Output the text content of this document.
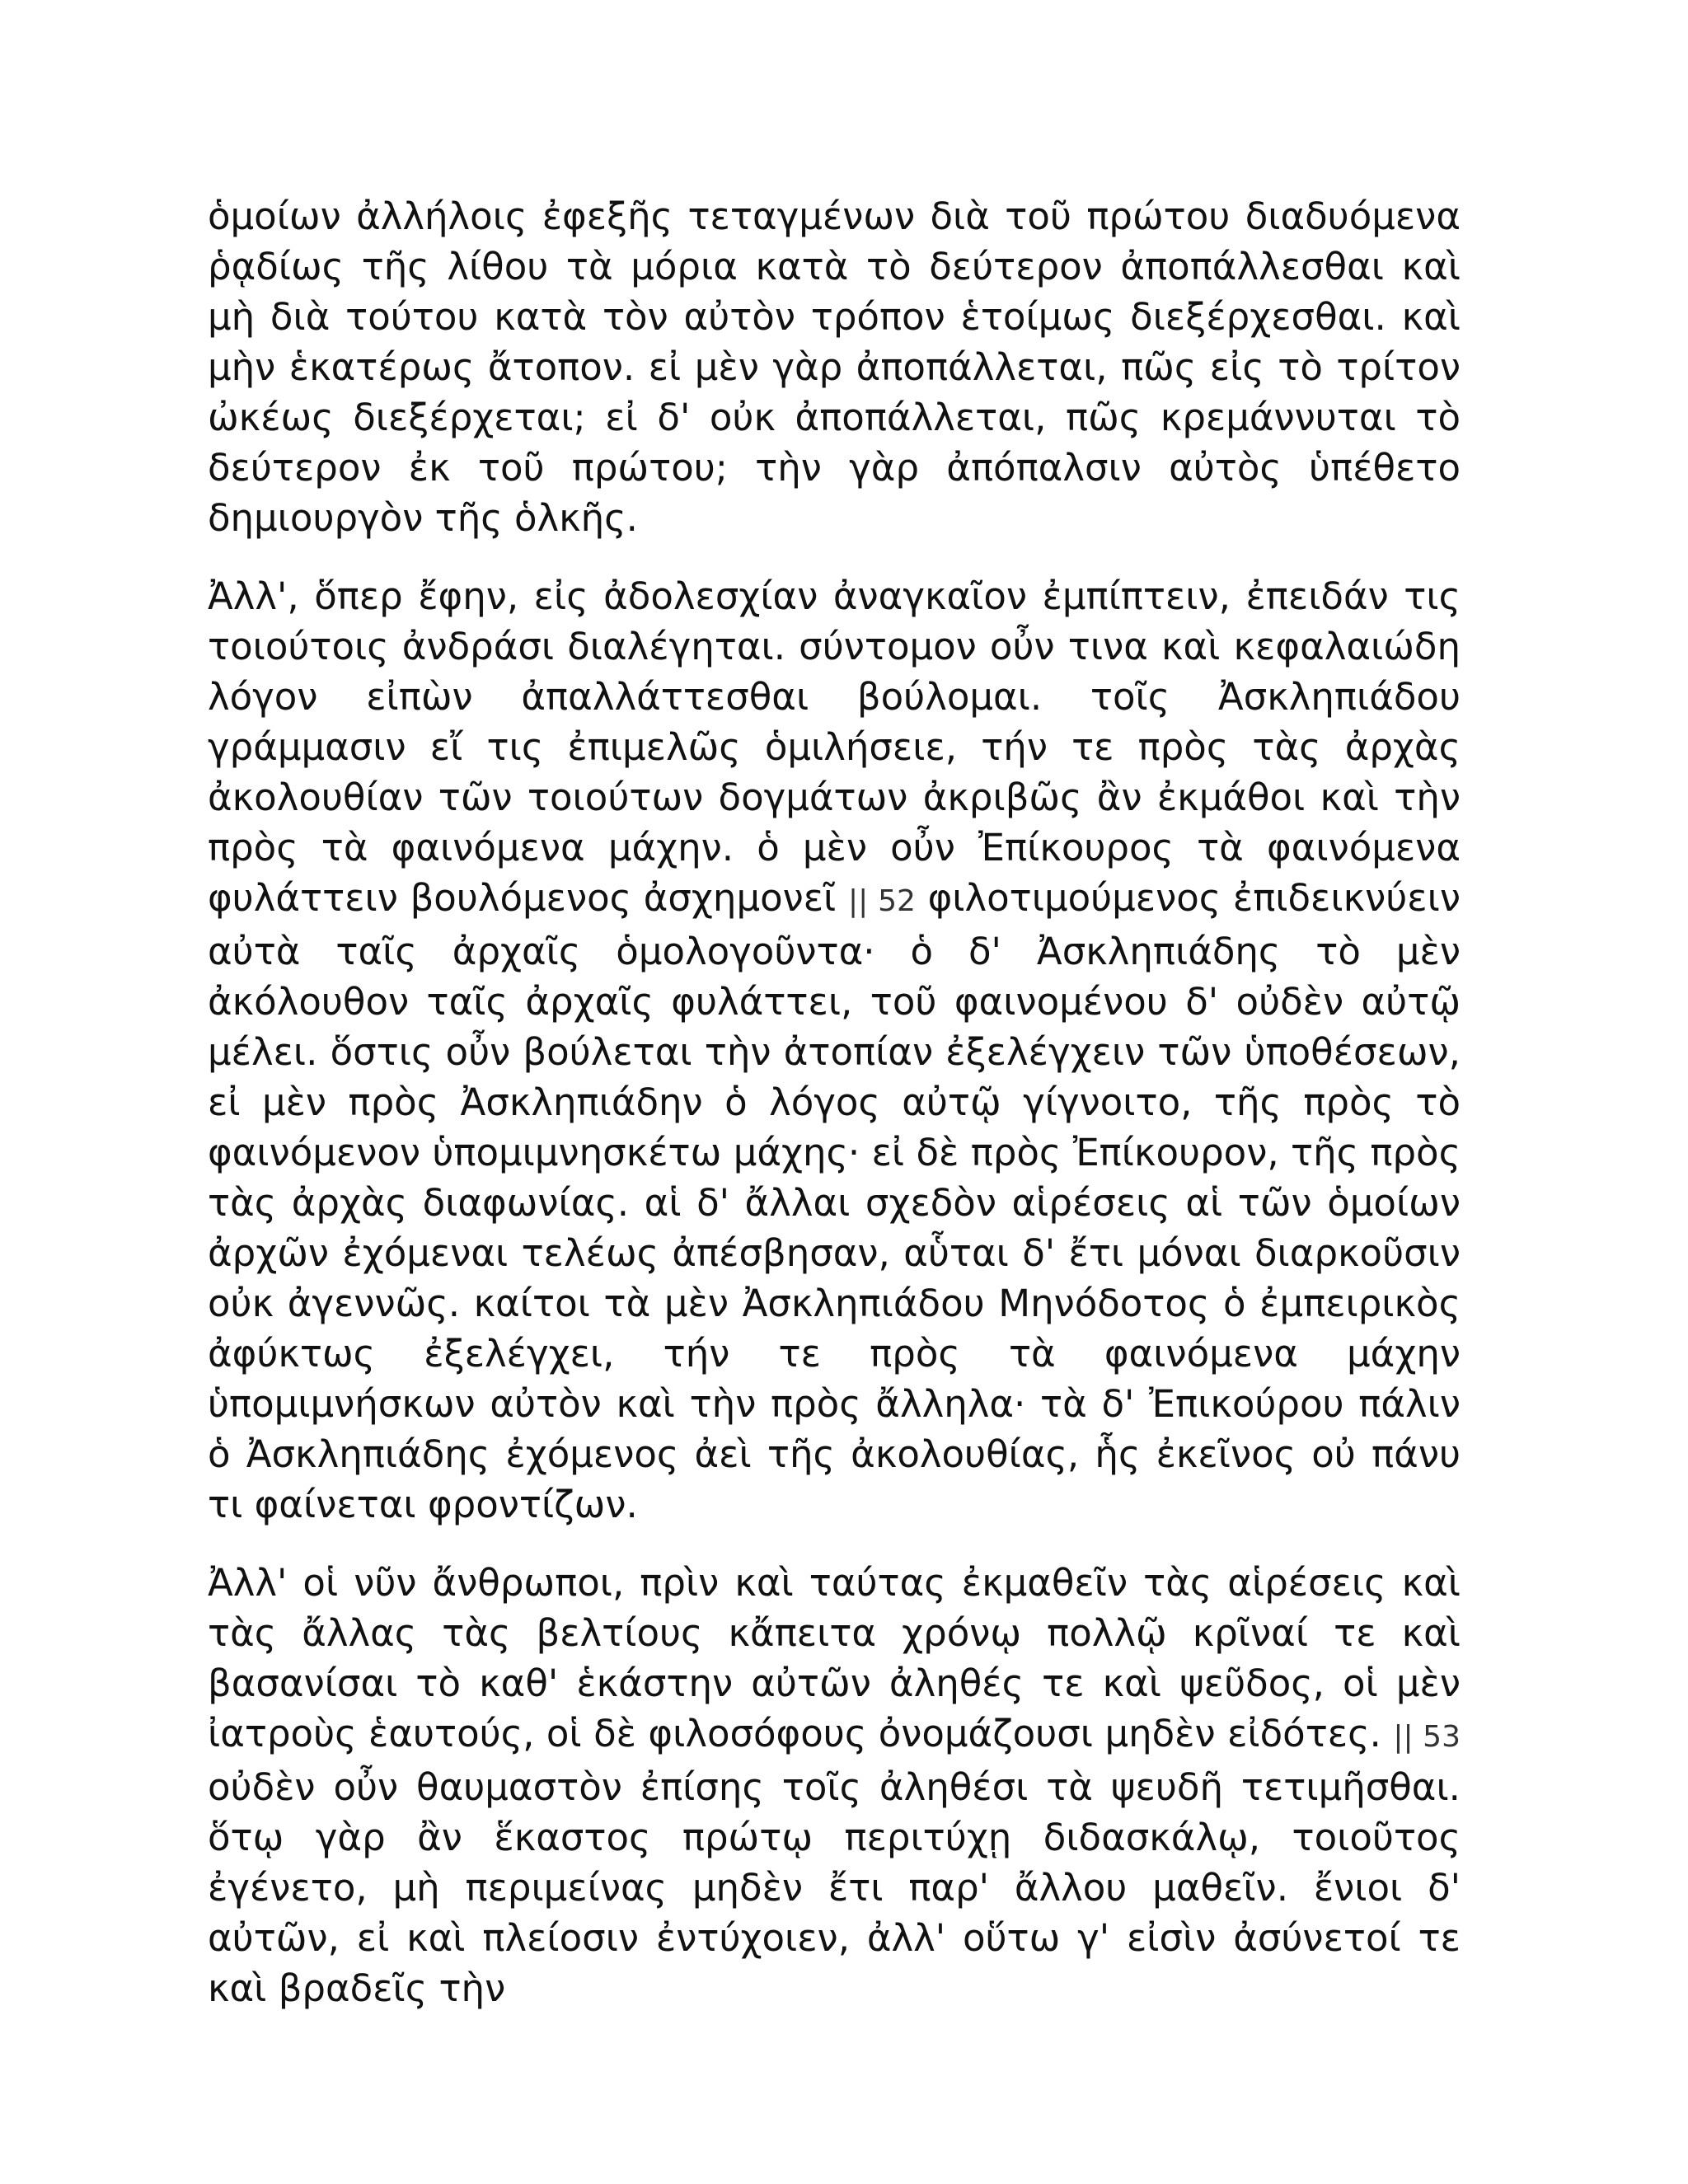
ὁμοίων ἀλλήλοις ἐφεξῆς τεταγμένων διὰ τοῦ πρώτου διαδυόμενα ῥᾳδίως τῆς λίθου τὰ μόρια κατὰ τὸ δεύτερον ἀποπάλλεσθαι καὶ μὴ διὰ τούτου κατὰ τὸν αὐτὸν τρόπον ἑτοίμως διεξέρχεσθαι. καὶ μὴν ἑκατέρως ἄτοπον. εἰ μὲν γὰρ ἀποπάλλεται, πῶς εἰς τὸ τρίτον ὠκέως διεξέρχεται; εἰ δ' οὐκ ἀποπάλλεται, πῶς κρεμάννυται τὸ δεύτερον ἐκ τοῦ πρώτου; τὴν γὰρ ἀπόπαλσιν αὐτὸς ὑπέθετο δημιουργὸν τῆς ὁλκῆς.

Ἀλλ', ὅπερ ἔφην, εἰς ἀδολεσχίαν ἀναγκαῖον ἐμπίπτειν, ἐπειδάν τις τοιούτοις ἀνδράσι διαλέγηται. σύντομον οὖν τινα καὶ κεφαλαιώδη λόγον εἰπὼν ἀπαλλάττεσθαι βούλομαι. τοῖς Ἀσκληπιάδου γράμμασιν εἴ τις ἐπιμελῶς ὁμιλήσειε, τήν τε πρὸς τὰς ἀρχὰς ἀκολουθίαν τῶν τοιούτων δογμάτων ἀκριβῶς ἂν ἐκμάθοι καὶ τὴν πρὸς τὰ φαινόμενα μάχην. ὁ μὲν οὖν Ἐπίκουρος τὰ φαινόμενα φυλάττειν βουλόμενος ἀσχημονεῖ || 52 φιλοτιμούμενος ἐπιδεικνύειν αὐτὰ ταῖς ἀρχαῖς ὁμολογοῦντα· ὁ δ' Ἀσκληπιάδης τὸ μὲν ἀκόλουθον ταῖς ἀρχαῖς φυλάττει, τοῦ φαινομένου δ' οὐδὲν αὐτῷ μέλει. ὅστις οὖν βούλεται τὴν ἀτοπίαν ἐξελέγχειν τῶν ὑποθέσεων, εἰ μὲν πρὸς Ἀσκληπιάδην ὁ λόγος αὐτῷ γίγνοιτο, τῆς πρὸς τὸ φαινόμενον ὑπομιμνησκέτω μάχης· εἰ δὲ πρὸς Ἐπίκουρον, τῆς πρὸς τὰς ἀρχὰς διαφωνίας. αἱ δ' ἄλλαι σχεδὸν αἱρέσεις αἱ τῶν ὁμοίων ἀρχῶν ἐχόμεναι τελέως ἀπέσβησαν, αὗται δ' ἔτι μόναι διαρκοῦσιν οὐκ ἀγεννῶς. καίτοι τὰ μὲν Ἀσκληπιάδου Μηνόδοτος ὁ ἐμπειρικὸς ἀφύκτως ἐξελέγχει, τήν τε πρὸς τὰ φαινόμενα μάχην ὑπομιμνήσκων αὐτὸν καὶ τὴν πρὸς ἄλληλα· τὰ δ' Ἐπικούρου πάλιν ὁ Ἀσκληπιάδης ἐχόμενος ἀεὶ τῆς ἀκολουθίας, ἧς ἐκεῖνος οὐ πάνυ τι φαίνεται φροντίζων.

Ἀλλ' οἱ νῦν ἄνθρωποι, πρὶν καὶ ταύτας ἐκμαθεῖν τὰς αἱρέσεις καὶ τὰς ἄλλας τὰς βελτίους κἄπειτα χρόνῳ πολλῷ κρῖναί τε καὶ βασανίσαι τὸ καθ' ἑκάστην αὐτῶν ἀληθές τε καὶ ψεῦδος, οἱ μὲν ἰατροὺς ἑαυτούς, οἱ δὲ φιλοσόφους ὀνομάζουσι μηδὲν εἰδότες. || 53 οὐδὲν οὖν θαυμαστὸν ἐπίσης τοῖς ἀληθέσι τὰ ψευδῆ τετιμῆσθαι. ὅτῳ γὰρ ἂν ἕκαστος πρώτῳ περιτύχῃ διδασκάλῳ, τοιοῦτος ἐγένετο, μὴ περιμείνας μηδὲν ἔτι παρ' ἄλλου μαθεῖν. ἔνιοι δ' αὐτῶν, εἰ καὶ πλείοσιν ἐντύχοιεν, ἀλλ' οὕτω γ' εἰσὶν ἀσύνετοί τε καὶ βραδεῖς τὴν
